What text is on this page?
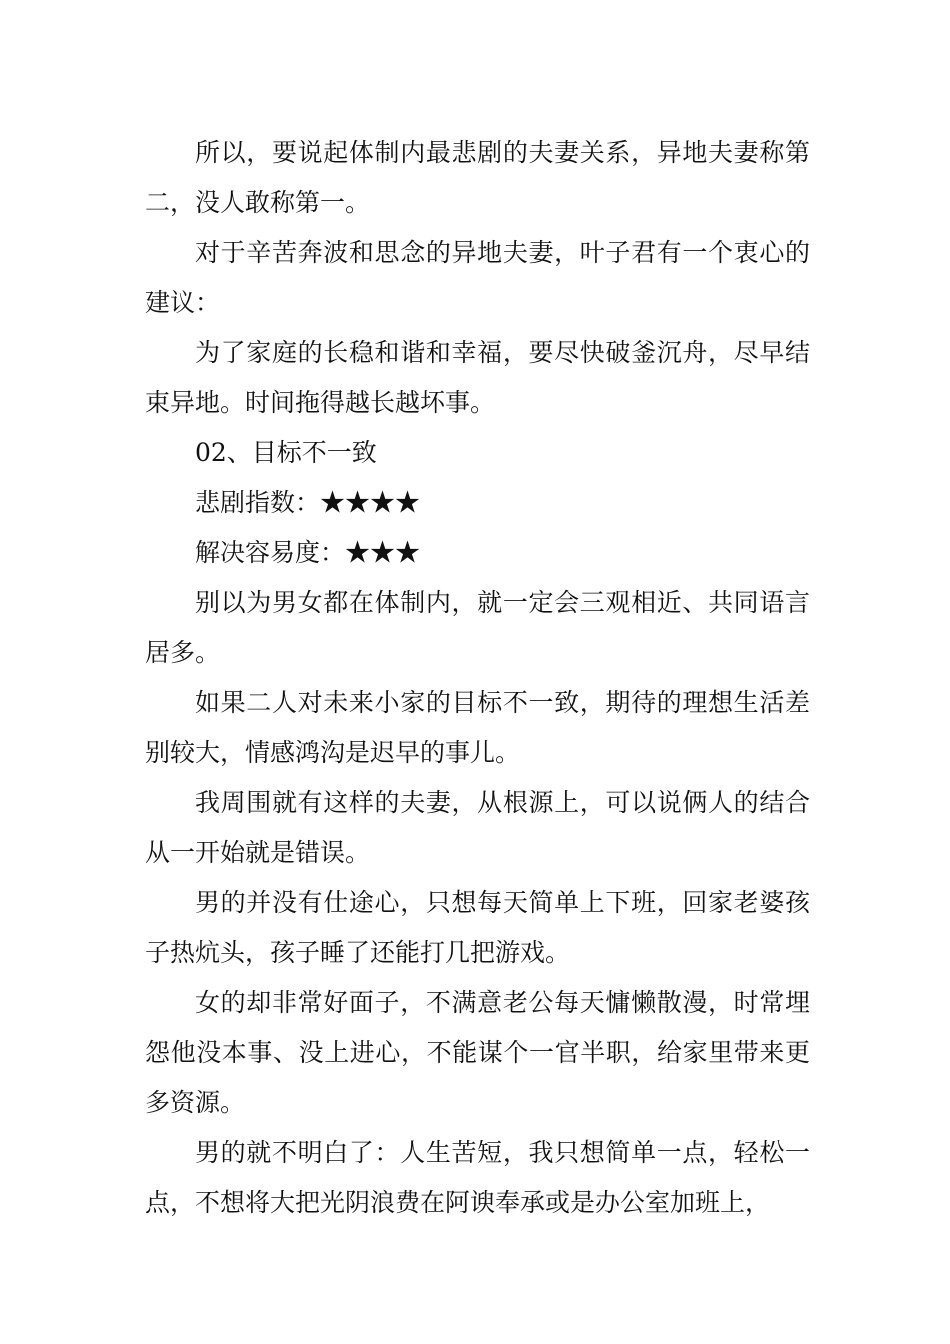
所以，要说起体制内最悲剧的夫妻关系，异地夫妻称第二，没人敢称第一。

对于辛苦奔波和思念的异地夫妻，叶子君有一个衷心的建议：

为了家庭的长稳和谐和幸福，要尽快破釜沉舟，尽早结束异地。时间拖得越长越坏事。

02、目标不一致

悲剧指数：★★★★

解决容易度：★★★

别以为男女都在体制内，就一定会三观相近、共同语言居多。

如果二人对未来小家的目标不一致，期待的理想生活差别较大，情感鸿沟是迟早的事儿。

我周围就有这样的夫妻，从根源上，可以说俩人的结合从一开始就是错误。

男的并没有仕途心，只想每天简单上下班，回家老婆孩子热炕头，孩子睡了还能打几把游戏。

女的却非常好面子，不满意老公每天慵懒散漫，时常埋怨他没本事、没上进心，不能谋个一官半职，给家里带来更多资源。

男的就不明白了：人生苦短，我只想简单一点，轻松一点，不想将大把光阴浪费在阿谀奉承或是办公室加班上，
